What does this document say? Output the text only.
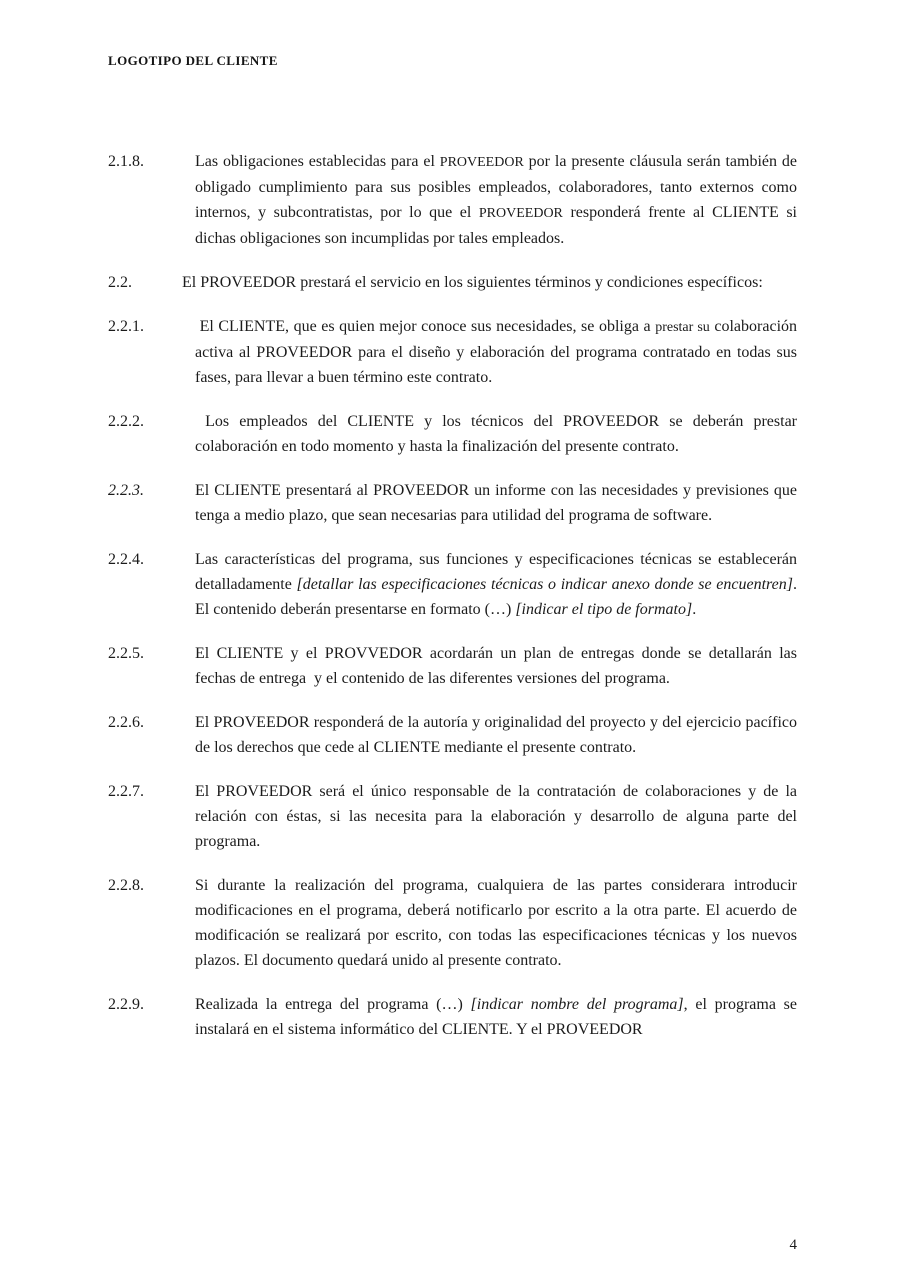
LOGOTIPO DEL CLIENTE
2.1.8.	Las obligaciones establecidas para el PROVEEDOR por la presente cláusula serán también de obligado cumplimiento para sus posibles empleados, colaboradores, tanto externos como internos, y subcontratistas, por lo que el PROVEEDOR responderá frente al CLIENTE si dichas obligaciones son incumplidas por tales empleados.
2.2.	El PROVEEDOR prestará el servicio en los siguientes términos y condiciones específicos:
2.2.1.	El CLIENTE, que es quien mejor conoce sus necesidades, se obliga a prestar su colaboración activa al PROVEEDOR para el diseño y elaboración del programa contratado en todas sus fases, para llevar a buen término este contrato.
2.2.2.	Los empleados del CLIENTE y los técnicos del PROVEEDOR se deberán prestar colaboración en todo momento y hasta la finalización del presente contrato.
2.2.3.	El CLIENTE presentará al PROVEEDOR un informe con las necesidades y previsiones que tenga a medio plazo, que sean necesarias para utilidad del programa de software.
2.2.4.	Las características del programa, sus funciones y especificaciones técnicas se establecerán detalladamente [detallar las especificaciones técnicas o indicar anexo donde se encuentren]. El contenido deberán presentarse en formato (…) [indicar el tipo de formato].
2.2.5.	El CLIENTE y el PROVVEDOR acordarán un plan de entregas donde se detallarán las fechas de entrega  y el contenido de las diferentes versiones del programa.
2.2.6.	El PROVEEDOR responderá de la autoría y originalidad del proyecto y del ejercicio pacífico de los derechos que cede al CLIENTE mediante el presente contrato.
2.2.7.	El PROVEEDOR será el único responsable de la contratación de colaboraciones y de la relación con éstas, si las necesita para la elaboración y desarrollo de alguna parte del programa.
2.2.8.	Si durante la realización del programa, cualquiera de las partes considerara introducir modificaciones en el programa, deberá notificarlo por escrito a la otra parte. El acuerdo de modificación se realizará por escrito, con todas las especificaciones técnicas y los nuevos plazos. El documento quedará unido al presente contrato.
2.2.9.	Realizada la entrega del programa (…) [indicar nombre del programa], el programa se instalará en el sistema informático del CLIENTE. Y el PROVEEDOR
4
